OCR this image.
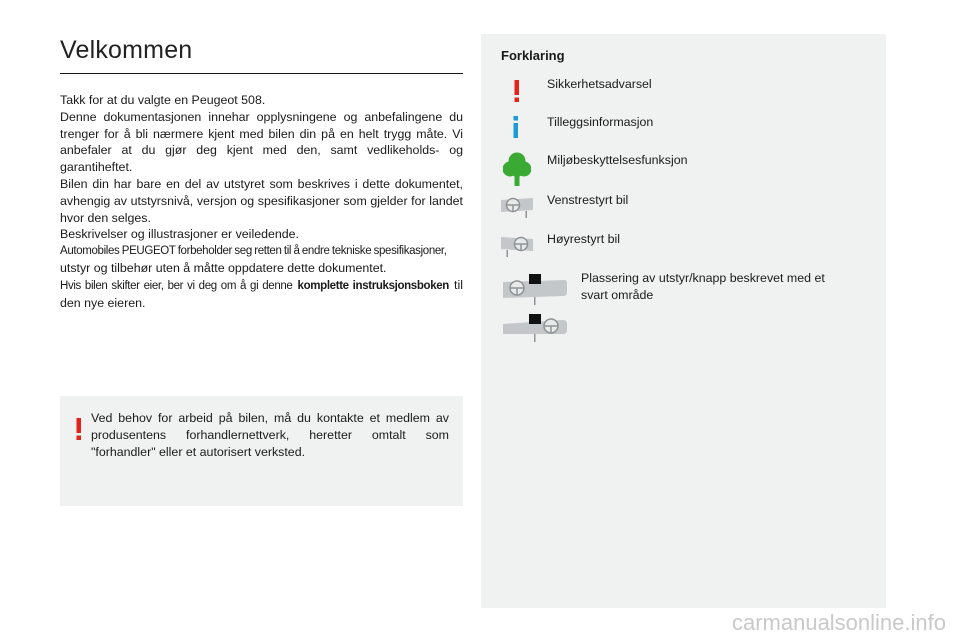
Velkommen

Takk for at du valgte en Peugeot 508.

Denne dokumentasjonen innehar opplysningene og anbefalingene du trenger for å bli nærmere kjent med bilen din på en helt trygg måte. Vi anbefaler at du gjør deg kjent med den, samt vedlikeholds- og garantiheftet.

Bilen din har bare en del av utstyret som beskrives i dette dokumentet, avhengig av utstyrsnivå, versjon og spesifikasjoner som gjelder for landet hvor den selges.

Beskrivelser og illustrasjoner er veiledende.

Automobiles PEUGEOT forbeholder seg retten til å endre tekniske spesifikasjoner,

utstyr og tilbehør uten å måtte oppdatere dette dokumentet.

Hvis bilen skifter eier, ber vi deg om å gi denne komplette instruksjonsboken til den nye eieren.

Ved behov for arbeid på bilen, må du kontakte et medlem av produsentens forhandlernettverk, heretter omtalt som "forhandler" eller et autorisert verksted.
Forklaring
Sikkerhetsadvarsel
Tilleggsinformasjon
Miljøbeskyttelsesfunksjon
Venstrestyrt bil
Høyrestyrt bil
Plassering av utstyr/knapp beskrevet med et svart område
carmanualsonline.info
